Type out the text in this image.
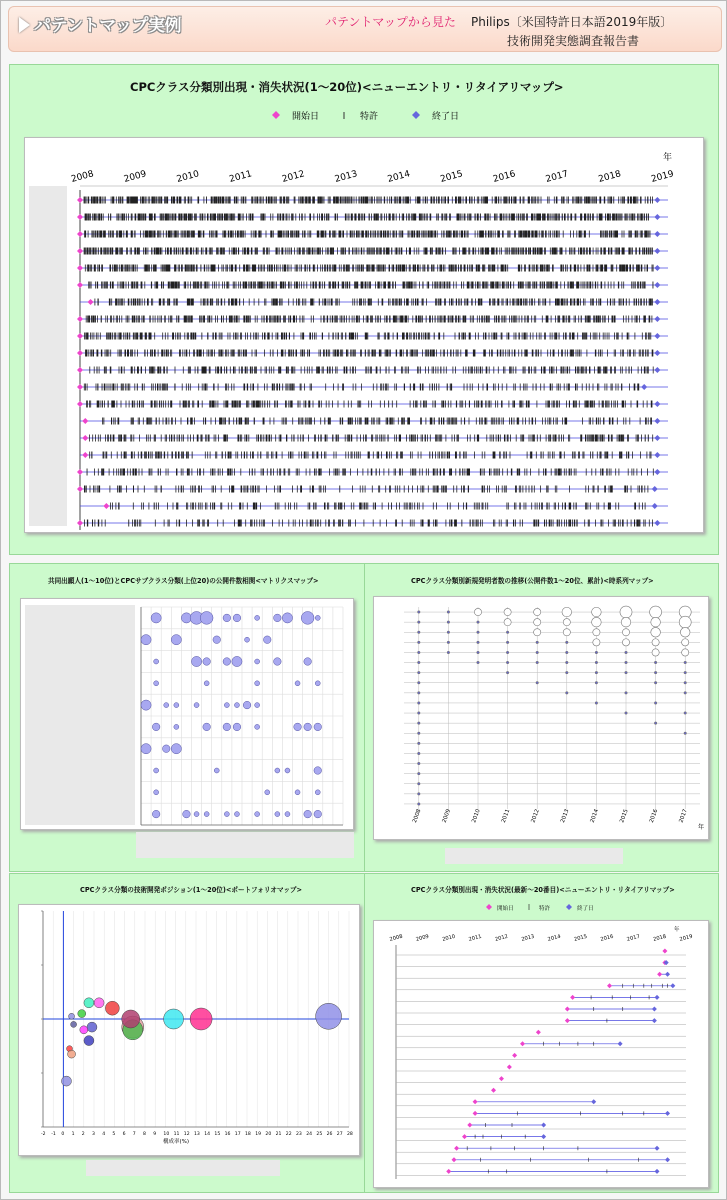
パテントマップ実例	パテントマップから見た Philips〔米国特許日本語2019年版〕
技術開発実態調査報告書
CPCクラス分類別出現・消失状況(1～20位)<ニューエントリ・リタイアリマップ>
開始日	特許	終了日
2008	2009	2010	2011	2012	2013	2014	2015	2016	2017	2018	2019
年
共同出願人(1～10位)とCPCサブクラス分類(上位20)の公開件数相関<マトリクスマップ>	CPCクラス分類別新規発明者数の推移(公開件数1～20位、累計)<時系列マップ>
2008	2009	2010	2011	2012	2013	2014	2015	2016	2017
年
CPCクラス分類の技術開発ポジション(1～20位)<ポートフォリオマップ>
-2 -1 0 1 2 3 4 5 6 7 8 9 10 11 12 13 14 15 16 17 18 19 20 21 22 23 24 25 26 27 28
構成率(%)
CPCクラス分類別出現・消失状況(最新～20番目)<ニューエントリ・リタイアリマップ>
開始日	特許	終了日
2008 2009 2010 2011 2012 2013 2014 2015 2016 2017 2018 2019
年
